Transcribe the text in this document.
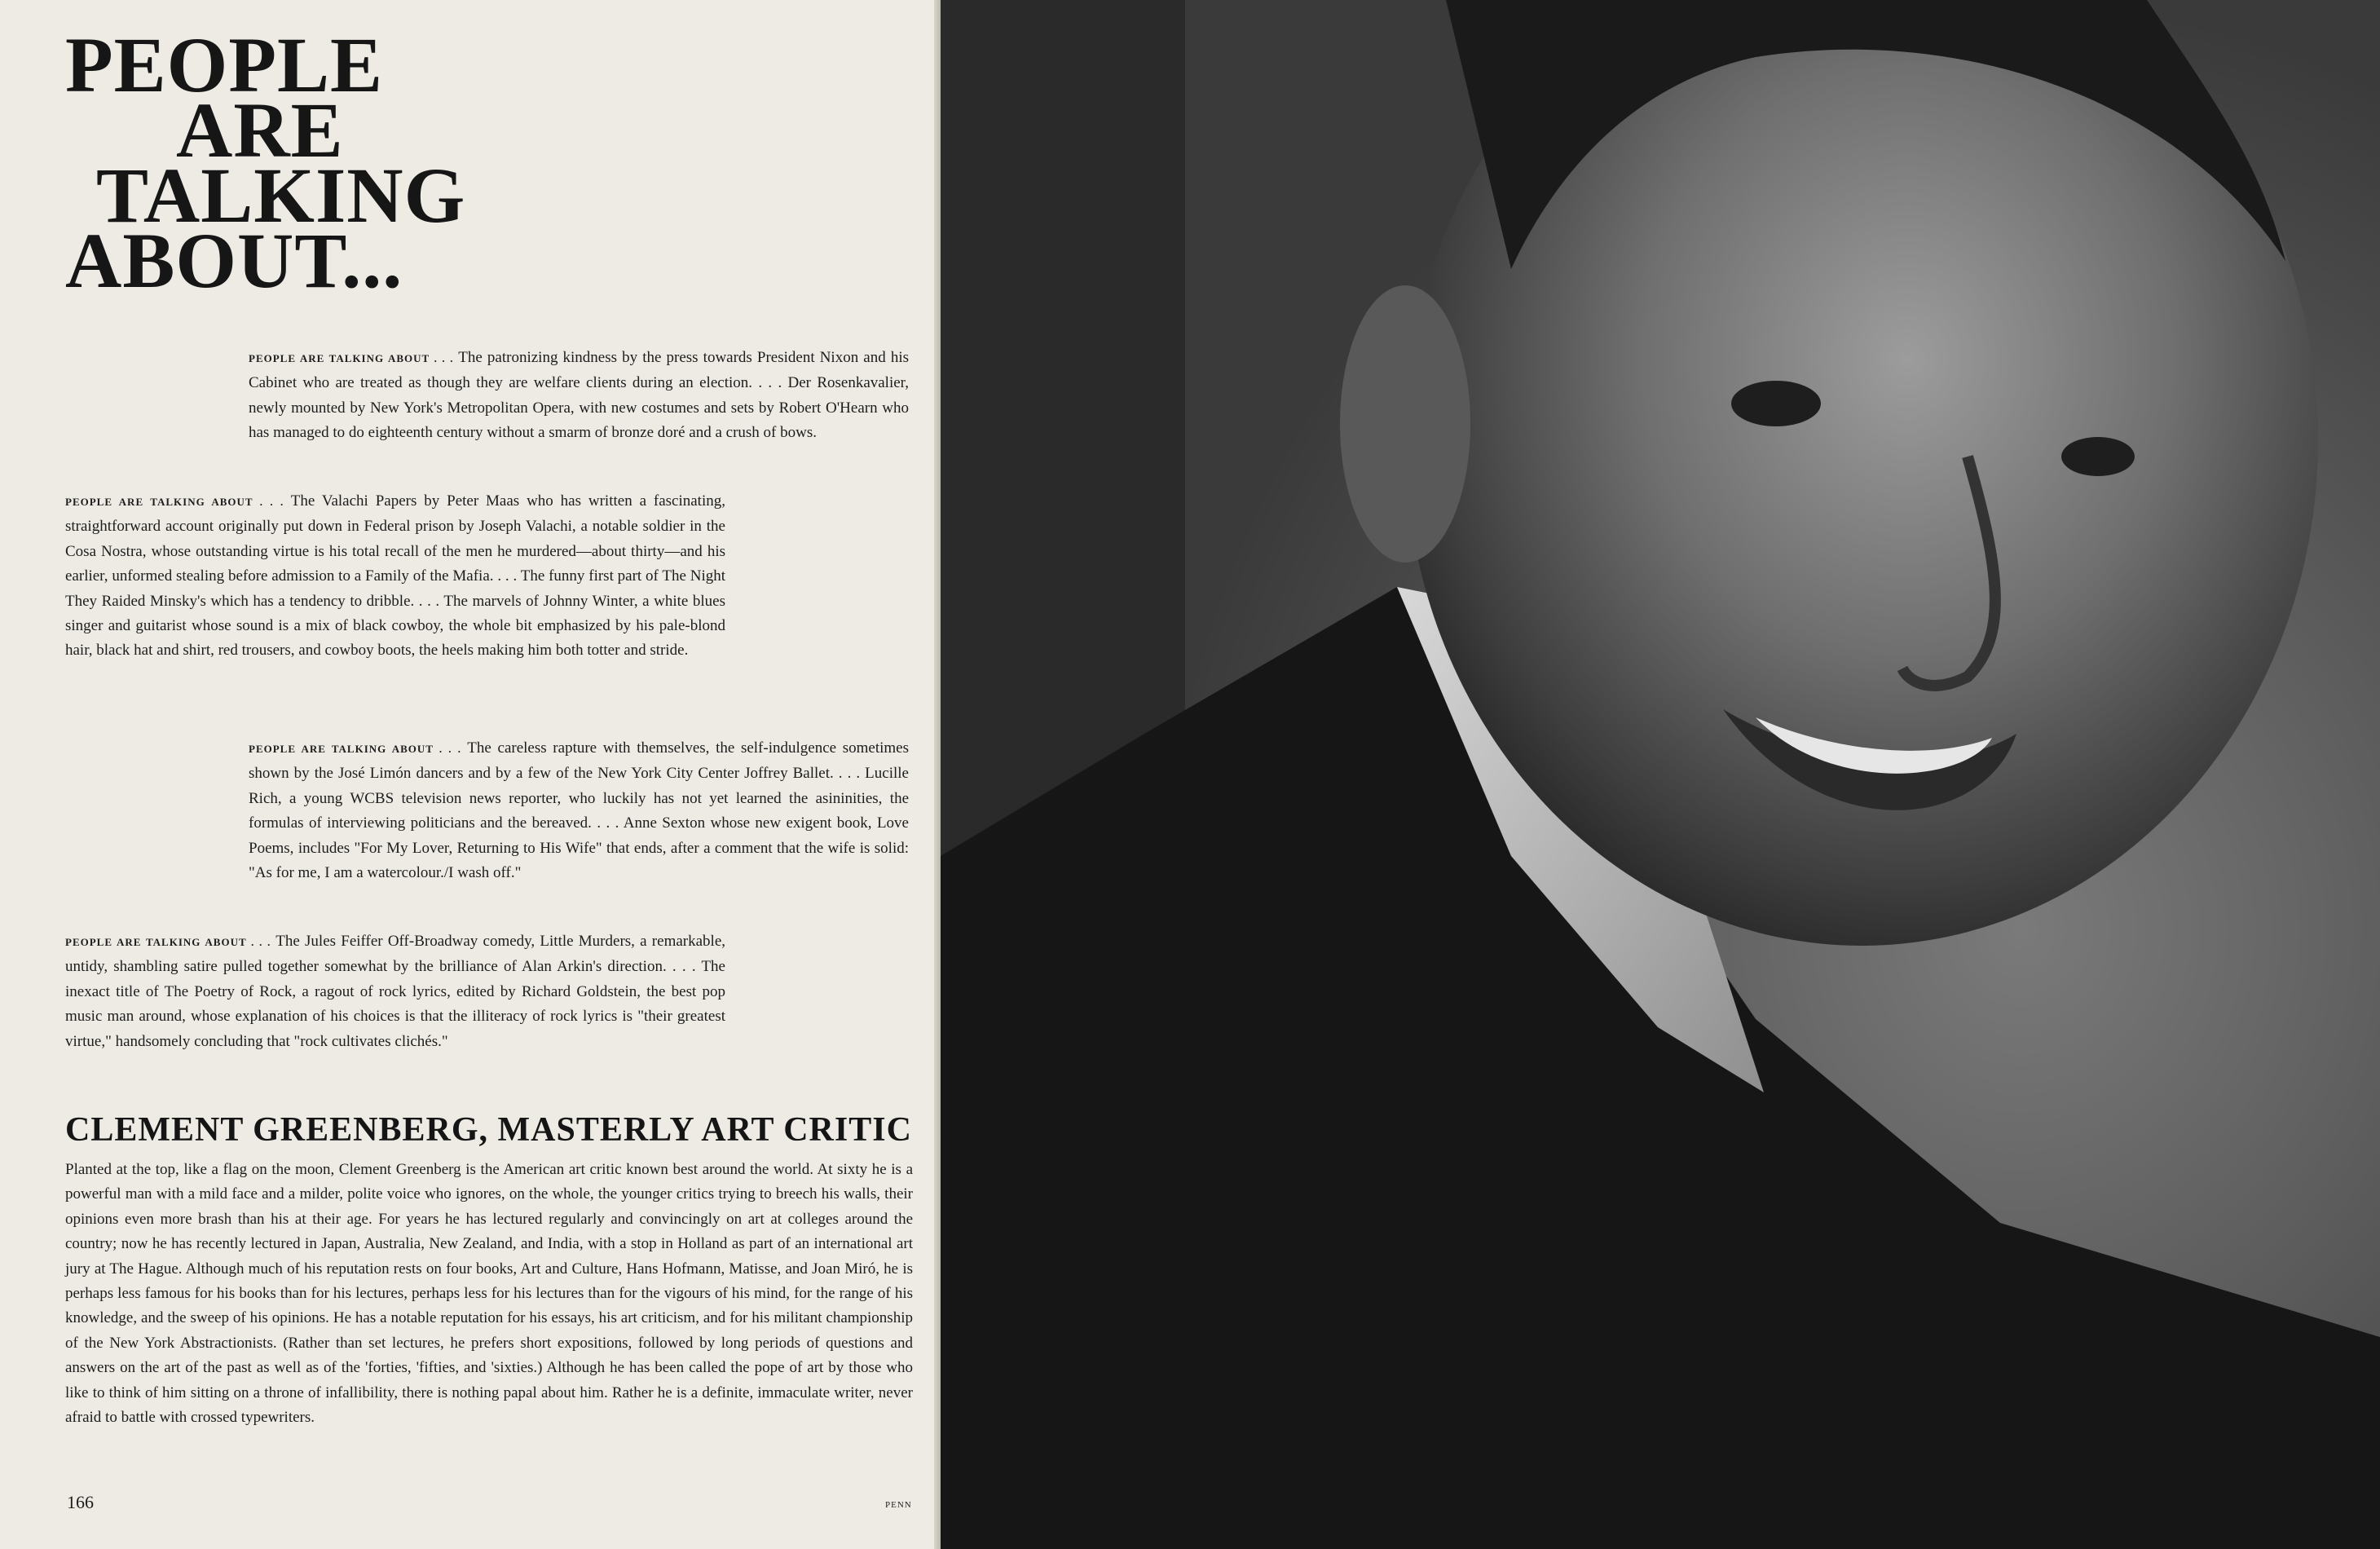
PEOPLE
ARE
TALKING
ABOUT...

PEOPLE ARE TALKING ABOUT . . . The patronizing kindness by the press towards President Nixon and his Cabinet who are treated as though they are welfare clients during an election. . . . Der Rosenkavalier, newly mounted by New York's Metropolitan Opera, with new costumes and sets by Robert O'Hearn who has managed to do eighteenth century without a smarm of bronze doré and a crush of bows.

PEOPLE ARE TALKING ABOUT . . . The Valachi Papers by Peter Maas who has written a fascinating, straightforward account originally put down in Federal prison by Joseph Valachi, a notable soldier in the Cosa Nostra, whose outstanding virtue is his total recall of the men he murdered—about thirty—and his earlier, unformed stealing before admission to a Family of the Mafia. . . . The funny first part of The Night They Raided Minsky's which has a tendency to dribble. . . . The marvels of Johnny Winter, a white blues singer and guitarist whose sound is a mix of black cowboy, the whole bit emphasized by his pale-blond hair, black hat and shirt, red trousers, and cowboy boots, the heels making him both totter and stride.

PEOPLE ARE TALKING ABOUT . . . The careless rapture with themselves, the self-indulgence sometimes shown by the José Limón dancers and by a few of the New York City Center Joffrey Ballet. . . . Lucille Rich, a young WCBS television news reporter, who luckily has not yet learned the asininities, the formulas of interviewing politicians and the bereaved. . . . Anne Sexton whose new exigent book, Love Poems, includes "For My Lover, Returning to His Wife" that ends, after a comment that the wife is solid: "As for me, I am a watercolour./I wash off."

PEOPLE ARE TALKING ABOUT . . . The Jules Feiffer Off-Broadway comedy, Little Murders, a remarkable, untidy, shambling satire pulled together somewhat by the brilliance of Alan Arkin's direction. . . . The inexact title of The Poetry of Rock, a ragout of rock lyrics, edited by Richard Goldstein, the best pop music man around, whose explanation of his choices is that the illiteracy of rock lyrics is "their greatest virtue," handsomely concluding that "rock cultivates clichés."

CLEMENT GREENBERG, MASTERLY ART CRITIC

Planted at the top, like a flag on the moon, Clement Greenberg is the American art critic known best around the world. At sixty he is a powerful man with a mild face and a milder, polite voice who ignores, on the whole, the younger critics trying to breech his walls, their opinions even more brash than his at their age. For years he has lectured regularly and convincingly on art at colleges around the country; now he has recently lectured in Japan, Australia, New Zealand, and India, with a stop in Holland as part of an international art jury at The Hague. Although much of his reputation rests on four books, Art and Culture, Hans Hofmann, Matisse, and Joan Miró, he is perhaps less famous for his books than for his lectures, perhaps less for his lectures than for the vigours of his mind, for the range of his knowledge, and the sweep of his opinions. He has a notable reputation for his essays, his art criticism, and for his militant championship of the New York Abstractionists. (Rather than set lectures, he prefers short expositions, followed by long periods of questions and answers on the art of the past as well as of the 'forties, 'fifties, and 'sixties.) Although he has been called the pope of art by those who like to think of him sitting on a throne of infallibility, there is nothing papal about him. Rather he is a definite, immaculate writer, never afraid to battle with crossed typewriters.

166	PENN
